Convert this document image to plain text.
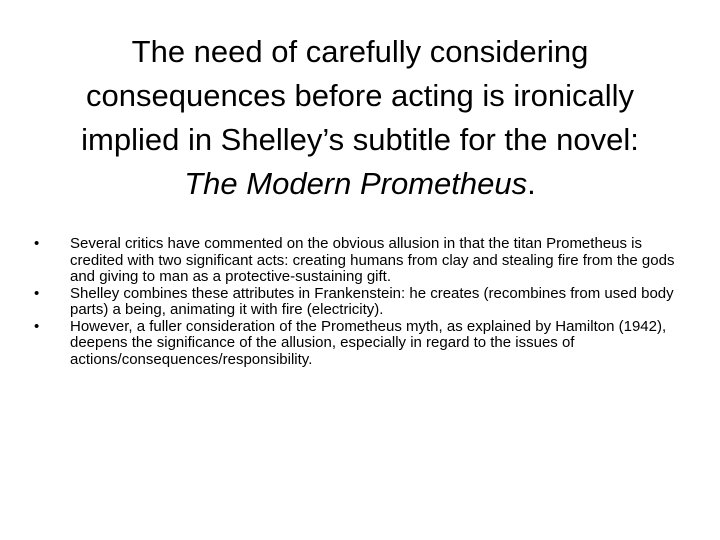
The need of carefully considering
consequences before acting is ironically
implied in Shelley’s subtitle for the novel:
The Modern Prometheus.
•	Several critics have commented on the obvious allusion in that the titan Prometheus is credited with two significant acts: creating humans from clay and stealing fire from the gods and giving to man as a protective-sustaining gift.
•	Shelley combines these attributes in Frankenstein: he creates (recombines from used body parts) a being, animating it with fire (electricity).
•	However, a fuller consideration of the Prometheus myth, as explained by Hamilton (1942), deepens the significance of the allusion, especially in regard to the issues of actions/consequences/responsibility.
